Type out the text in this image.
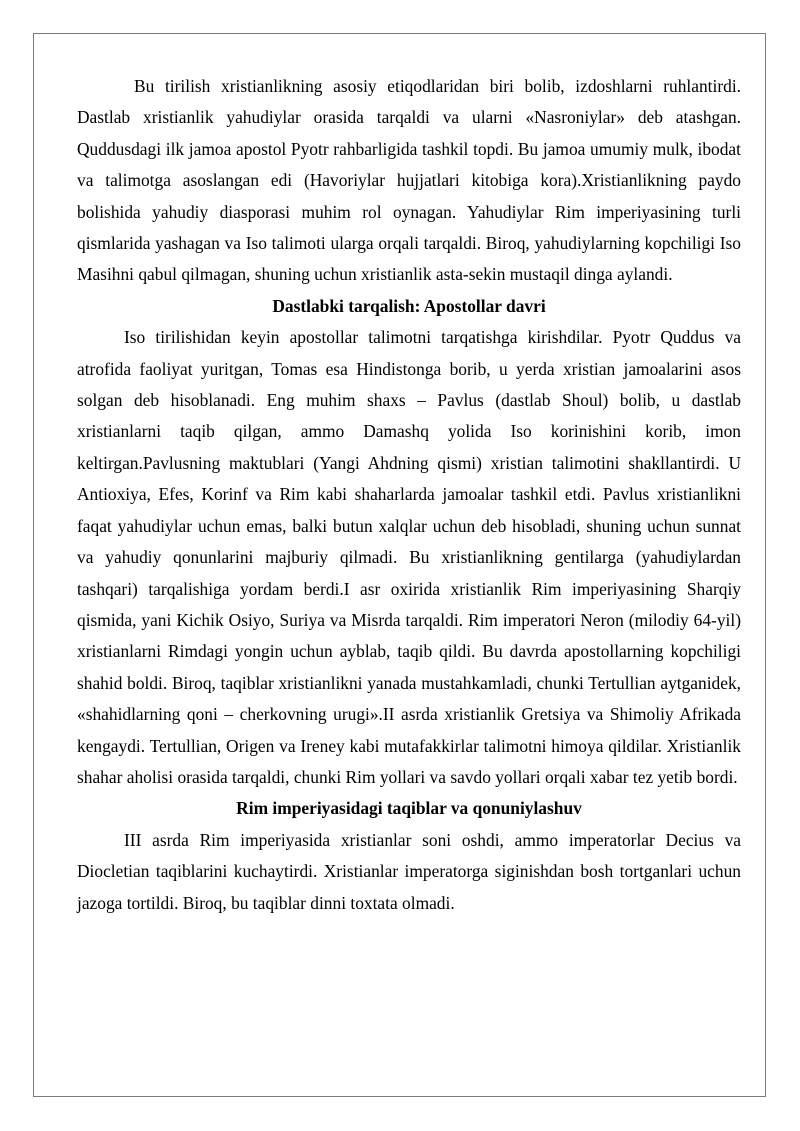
Bu tirilish xristianlikning asosiy etiqodlaridan biri bolib, izdoshlarni ruhlantirdi. Dastlab xristianlik yahudiylar orasida tarqaldi va ularni «Nasroniylar» deb atashgan. Quddusdagi ilk jamoa apostol Pyotr rahbarligida tashkil topdi. Bu jamoa umumiy mulk, ibodat va talimotga asoslangan edi (Havoriylar hujjatlari kitobiga kora).Xristianlikning paydo bolishida yahudiy diasporasi muhim rol oynagan. Yahudiylar Rim imperiyasining turli qismlarida yashagan va Iso talimoti ularga orqali tarqaldi. Biroq, yahudiylarning kopchiligi Iso Masihni qabul qilmagan, shuning uchun xristianlik asta-sekin mustaqil dinga aylandi.

Dastlabki tarqalish: Apostollar davri

Iso tirilishidan keyin apostollar talimotni tarqatishga kirishdilar. Pyotr Quddus va atrofida faoliyat yuritgan, Tomas esa Hindistonga borib, u yerda xristian jamoalarini asos solgan deb hisoblanadi. Eng muhim shaxs – Pavlus (dastlab Shoul) bolib, u dastlab xristianlarni taqib qilgan, ammo Damashq yolida Iso korinishini korib, imon keltirgan.Pavlusning maktublari (Yangi Ahdning qismi) xristian talimotini shakllantirdi. U Antioxiya, Efes, Korinf va Rim kabi shaharlarda jamoalar tashkil etdi. Pavlus xristianlikni faqat yahudiylar uchun emas, balki butun xalqlar uchun deb hisobladi, shuning uchun sunnat va yahudiy qonunlarini majburiy qilmadi. Bu xristianlikning gentilarga (yahudiylardan tashqari) tarqalishiga yordam berdi.I asr oxirida xristianlik Rim imperiyasining Sharqiy qismida, yani Kichik Osiyo, Suriya va Misrda tarqaldi. Rim imperatori Neron (milodiy 64-yil) xristianlarni Rimdagi yongin uchun ayblab, taqib qildi. Bu davrda apostollarning kopchiligi shahid boldi. Biroq, taqiblar xristianlikni yanada mustahkamladi, chunki Tertullian aytganidek, «shahidlarning qoni – cherkovning urugi».II asrda xristianlik Gretsiya va Shimoliy Afrikada kengaydi. Tertullian, Origen va Ireney kabi mutafakkirlar talimotni himoya qildilar. Xristianlik shahar aholisi orasida tarqaldi, chunki Rim yollari va savdo yollari orqali xabar tez yetib bordi.

Rim imperiyasidagi taqiblar va qonuniylashuv

III asrda Rim imperiyasida xristianlar soni oshdi, ammo imperatorlar Decius va Diocletian taqiblarini kuchaytirdi. Xristianlar imperatorga siginishdan bosh tortganlari uchun jazoga tortildi. Biroq, bu taqiblar dinni toxtata olmadi.
